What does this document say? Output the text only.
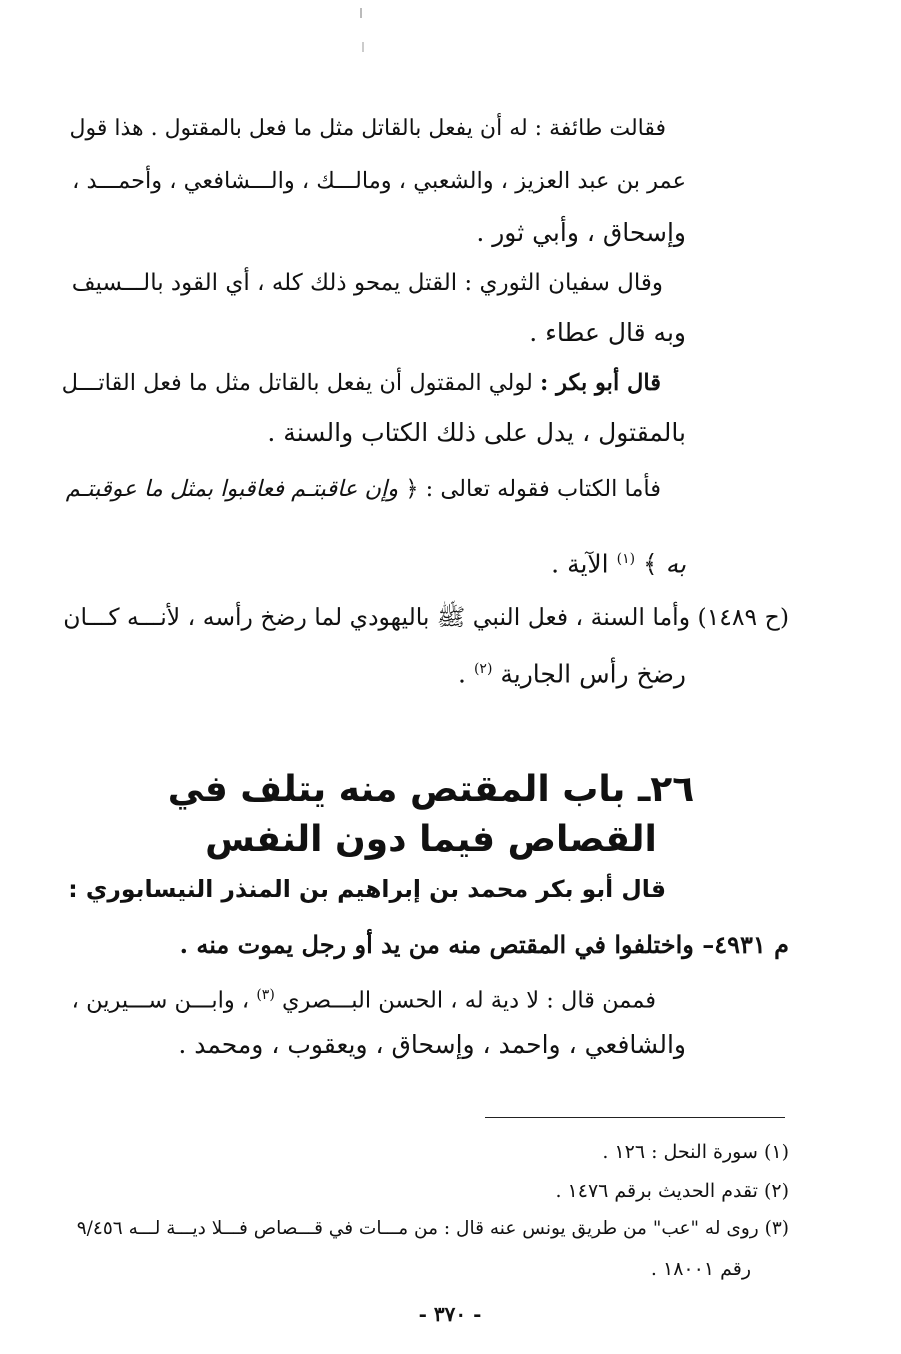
فقالت طائفة : له أن يفعل بالقاتل مثل ما فعل بالمقتول . هذا قول
عمر بن عبد العزيز ، والشعبي ، ومالـــك ، والـــشافعي ، وأحمـــد ،
وإسحاق ، وأبي ثور .
وقال سفيان الثوري : القتل يمحو ذلك كله ، أي القود بالـــسيف
وبه قال عطاء .
قال أبو بكر : لولي المقتول أن يفعل بالقاتل مثل ما فعل القاتـــل
بالمقتول ، يدل على ذلك الكتاب والسنة .
فأما الكتاب فقوله تعالى : ﴿ وإن عاقبتـم فعاقبوا بمثل ما عوقبتـم
به ﴾ $^{(١)}$ الآية .
(ح ١٤٨٩) وأما السنة ، فعل النبي ﷺ باليهودي لما رضخ رأسه ، لأنـــه كـــان
رضخ رأس الجارية $^{(٢)}$ .
٢٦ـ باب المقتص منه يتلف في القصاص فيما دون النفس
قال أبو بكر محمد بن إبراهيم بن المنذر النيسابوري :
م ٤٩٣١– واختلفوا في المقتص منه من يد أو رجل يموت منه .
فممن قال : لا دية له ، الحسن البـــصري $^{(٣)}$ ، وابـــن ســـيرين ،
والشافعي ، واحمد ، وإسحاق ، ويعقوب ، ومحمد .
(١) سورة النحل : ١٢٦ .
(٢) تقدم الحديث برقم ١٤٧٦ .
(٣) روى له "عب" من طريق يونس عنه قال : من مـــات في قـــصاص فـــلا ديـــة لـــه ٩/٤٥٦
رقم ١٨٠٠١ .
- ٣٧٠ -
